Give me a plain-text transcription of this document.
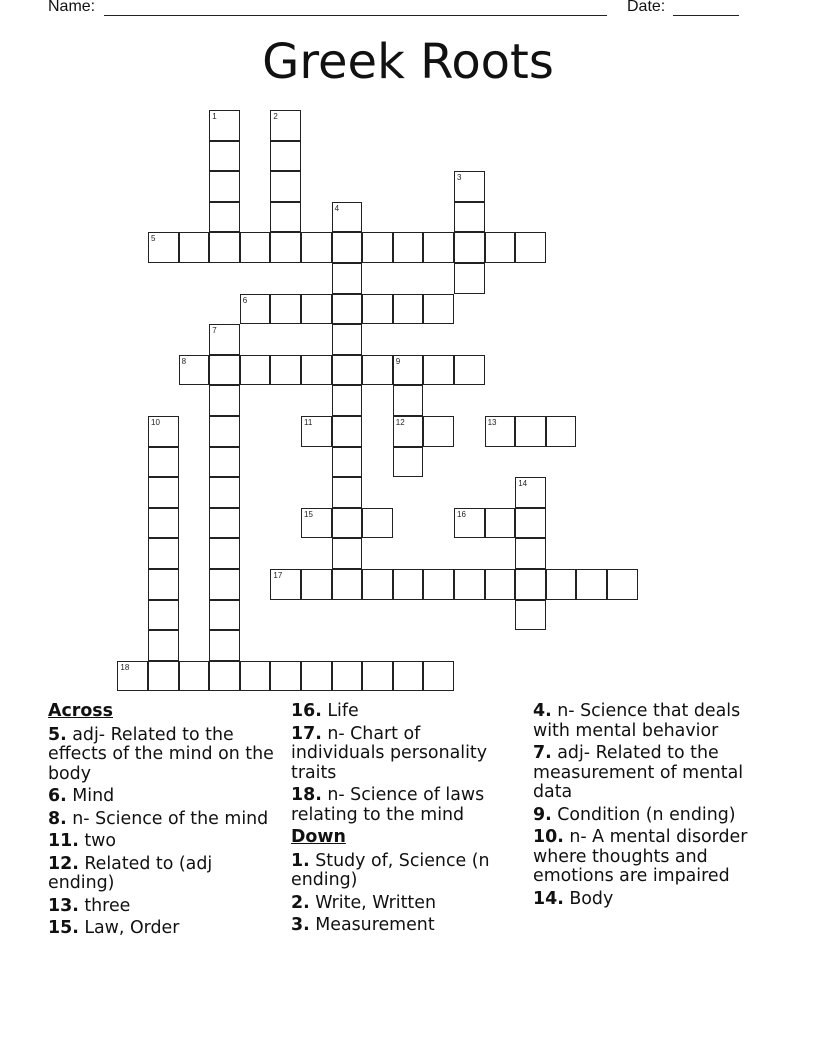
Name:	Date:
Greek Roots
1	2
3
4
5
6
7
8	9
12
10	11	13
14
15	16
17
18
Across
5. adj- Related to the effects of the mind on the body
6. Mind
8. n- Science of the mind
11. two
12. Related to (adj ending)
13. three
15. Law, Order
16. Life
17. n- Chart of individuals personality traits
18. n- Science of laws relating to the mind
Down
1. Study of, Science (n ending)
2. Write, Written
3. Measurement
4. n- Science that deals with mental behavior
7. adj- Related to the measurement of mental data
9. Condition (n ending)
10. n- A mental disorder where thoughts and emotions are impaired
14. Body
